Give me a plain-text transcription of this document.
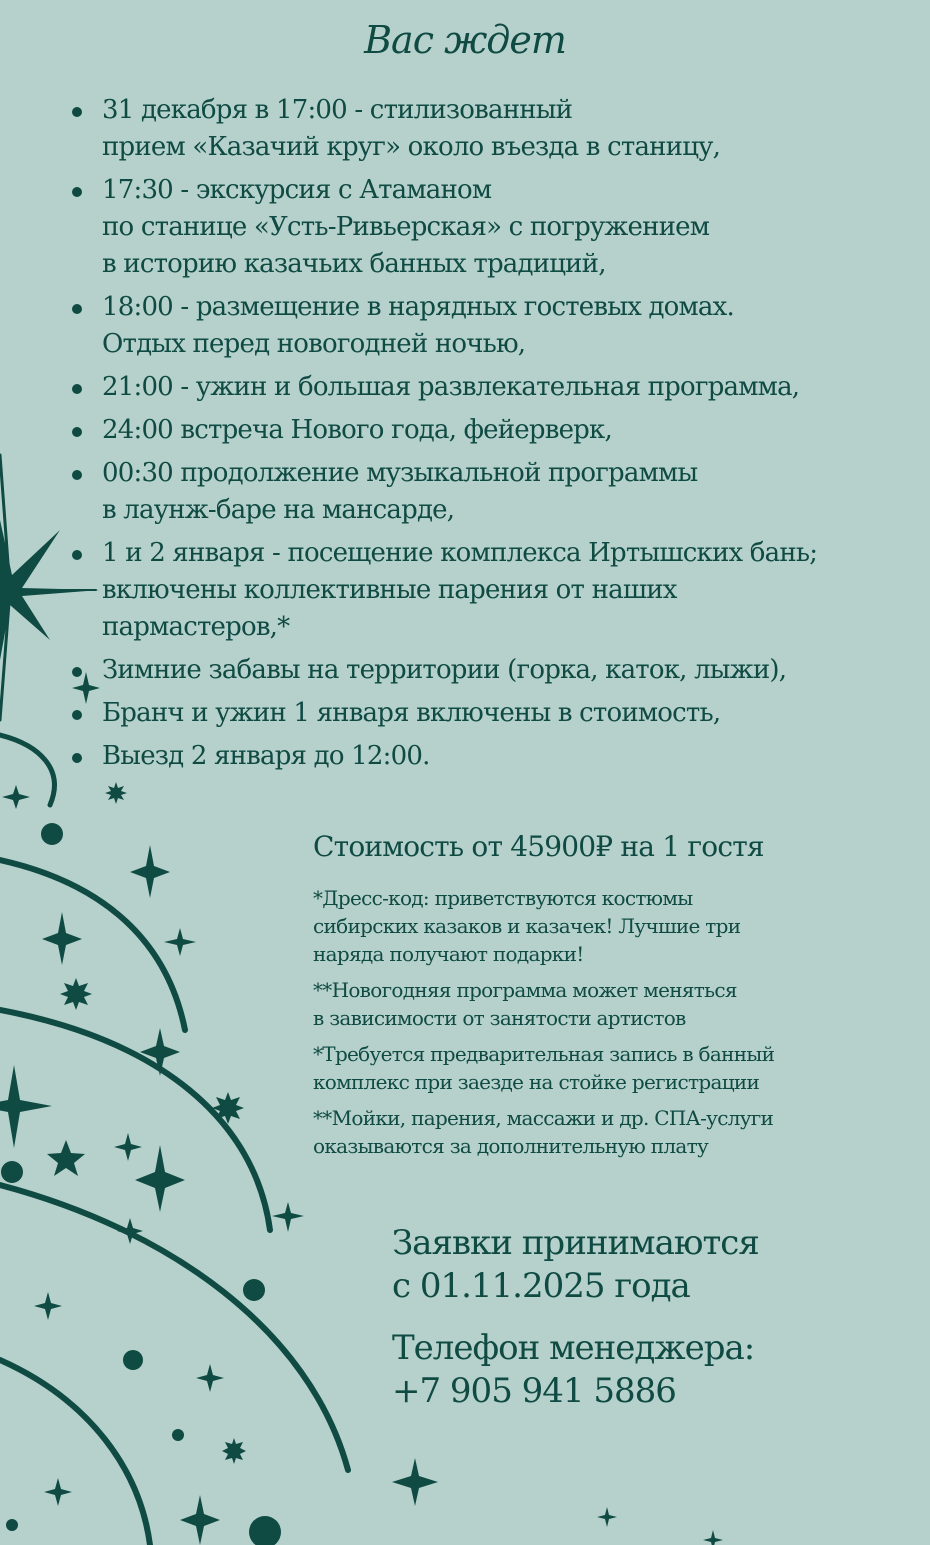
Вас ждет
31 декабря в 17:00 - стилизованный
прием «Казачий круг» около въезда в станицу,
17:30 - экскурсия с Атаманом
по станице «Усть-Ривьерская» с погружением
в историю казачьих банных традиций,
18:00 - размещение в нарядных гостевых домах.
Отдых перед новогодней ночью,
21:00 - ужин и большая развлекательная программа,
24:00 встреча Нового года, фейерверк,
00:30 продолжение музыкальной программы
в лаунж-баре на мансарде,
1 и 2 января - посещение комплекса Иртышских бань;
включены коллективные парения от наших
пармастеров,*
Зимние забавы на территории (горка, каток, лыжи),
Бранч и ужин 1 января включены в стоимость,
Выезд 2 января до 12:00.
Стоимость от 45900₽ на 1 гостя

*Дресс-код: приветствуются костюмы
сибирских казаков и казачек! Лучшие три
наряда получают подарки!

**Новогодняя программа может меняться
в зависимости от занятости артистов

*Требуется предварительная запись в банный
комплекс при заезде на стойке регистрации

**Мойки, парения, массажи и др. СПА-услуги
оказываются за дополнительную плату

Заявки принимаются
с 01.11.2025 года
Телефон менеджера:
+7 905 941 5886
